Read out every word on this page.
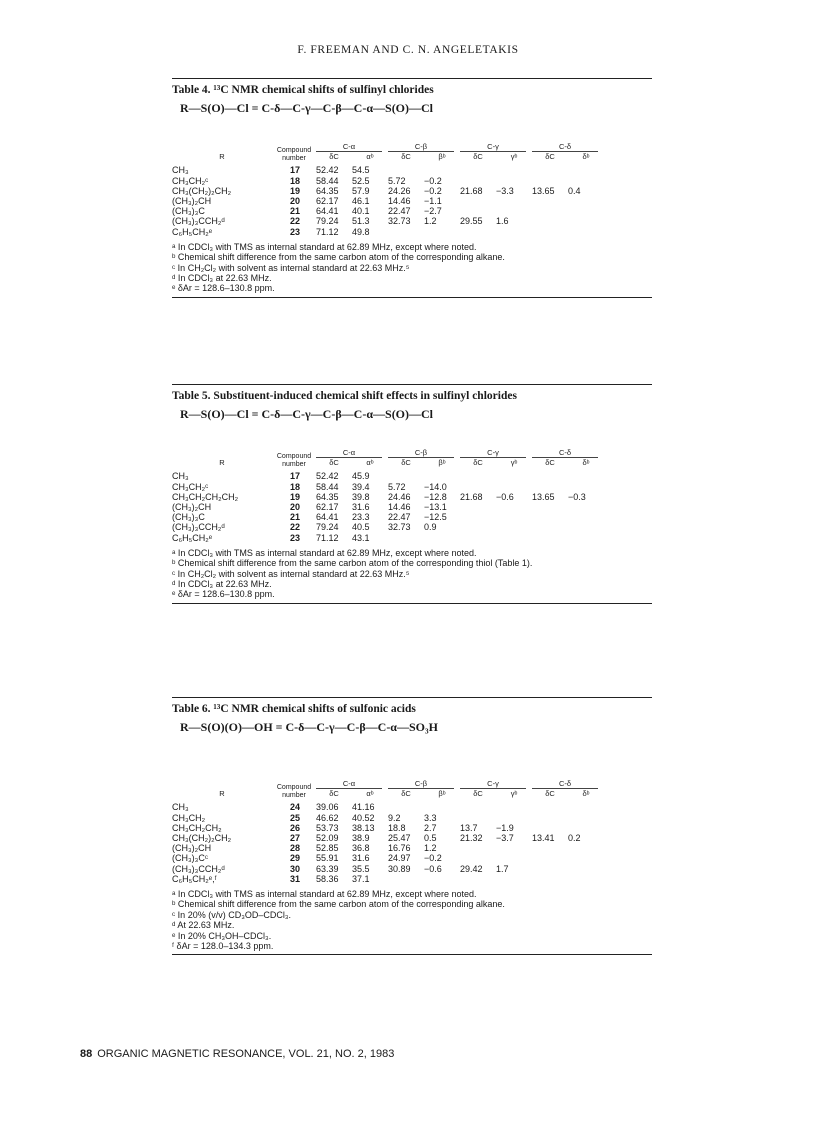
F. FREEMAN AND C. N. ANGELETAKIS
Table 4. ¹³C NMR chemical shifts of sulfinyl chlorides
R—S(O)—Cl = C-δ—C-γ—C-β—C-α—S(O)—Cl
C-α	C-β	C-γ	C-δ
R
Compound number	δC	αᵇ	δC	βᵇ	δC	γᵇ	δC	δᵇ
CH₃	17 52.42	54.5
CH₃CH₂ᶜ	18 58.44	52.5	5.72	−0.2
CH₃(CH₂)₂CH₂	19 64.35	57.9	24.26	−0.2	21.68	−3.3	13.65	0.4
(CH₃)₂CH	20 62.17	46.1	14.46	−1.1
(CH₃)₃C	21 64.41	40.1	22.47	−2.7
(CH₃)₃CCH₂ᵈ	22 79.24	51.3	32.73	1.2	29.55	1.6
C₆H₅CH₂ᵉ	23 71.12	49.8
ᵃ In CDCl₃ with TMS as internal standard at 62.89 MHz, except where noted.
ᵇ Chemical shift difference from the same carbon atom of the corresponding alkane.
ᶜ In CH₂Cl₂ with solvent as internal standard at 22.63 MHz.⁵
ᵈ In CDCl₃ at 22.63 MHz.
ᵉ δAr = 128.6–130.8 ppm.
Table 5. Substituent-induced chemical shift effects in sulfinyl chlorides
R—S(O)—Cl = C-δ—C-γ—C-β—C-α—S(O)—Cl
C-α	C-β	C-γ	C-δ
R
Compound number	δC	αᵇ	δC	βᵇ	δC	γᵇ	δC	δᵇ
CH₃	17 52.42	45.9
CH₃CH₂ᶜ	18 58.44	39.4	5.72	−14.0
CH₃CH₂CH₂CH₂	19 64.35	39.8	24.46	−12.8	21.68	−0.6	13.65	−0.3
(CH₃)₂CH	20 62.17	31.6	14.46	−13.1
(CH₃)₃C	21 64.41	23.3	22.47	−12.5
(CH₃)₃CCH₂ᵈ	22 79.24	40.5	32.73	0.9
C₆H₅CH₂ᵉ	23 71.12	43.1
ᵃ In CDCl₃ with TMS as internal standard at 62.89 MHz, except where noted.
ᵇ Chemical shift difference from the same carbon atom of the corresponding thiol (Table 1).
ᶜ In CH₂Cl₂ with solvent as internal standard at 22.63 MHz.⁵
ᵈ In CDCl₃ at 22.63 MHz.
ᵉ δAr = 128.6–130.8 ppm.
Table 6. ¹³C NMR chemical shifts of sulfonic acids
R—S(O)(O)—OH = C-δ—C-γ—C-β—C-α—SO₃H
C-α	C-β	C-γ	C-δ
R
Compound number	δC	αᵇ	δC	βᵇ	δC	γᵇ	δC	δᵇ
CH₃	24 39.06	41.16
CH₃CH₂	25 46.62	40.52	9.2	3.3
CH₃CH₂CH₂	26 53.73	38.13	18.8	2.7	13.7	−1.9
CH₃(CH₂)₂CH₂	27 52.09	38.9	25.47	0.5	21.32	−3.7	13.41	0.2
(CH₃)₂CH	28 52.85	36.8	16.76	1.2
(CH₃)₃Cᶜ	29 55.91	31.6	24.97	−0.2
(CH₃)₃CCH₂ᵈ	30 63.39	35.5	30.89	−0.6	29.42	1.7
C₆H₅CH₂ᵉ,ᶠ	31 58.36	37.1
ᵃ In CDCl₃ with TMS as internal standard at 62.89 MHz, except where noted.
ᵇ Chemical shift difference from the same carbon atom of the corresponding alkane.
ᶜ In 20% (v/v) CD₃OD–CDCl₃.
ᵈ At 22.63 MHz.
ᵉ In 20% CH₃OH–CDCl₃.
ᶠ δAr = 128.0–134.3 ppm.
88 ORGANIC MAGNETIC RESONANCE, VOL. 21, NO. 2, 1983
